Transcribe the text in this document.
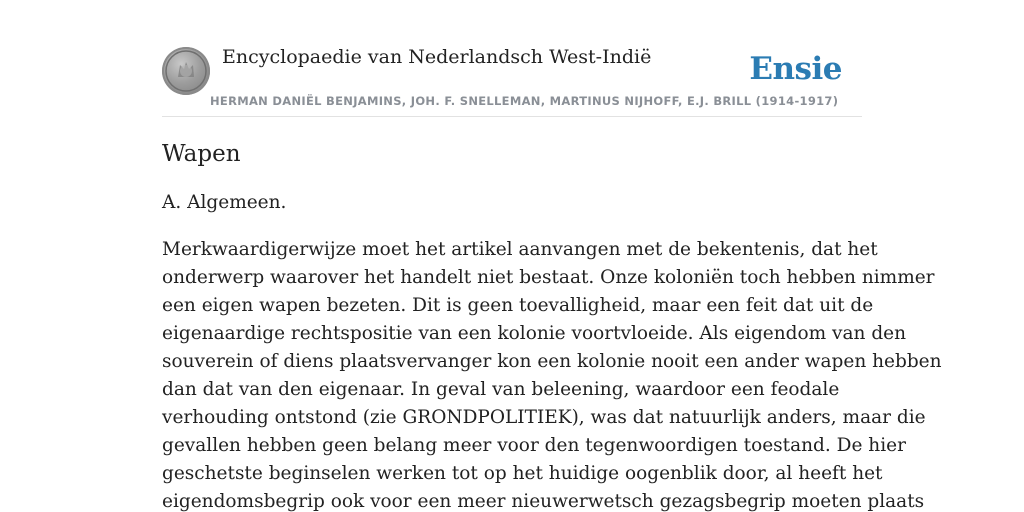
Encyclopaedie van Nederlandsch West-Indië	Ensie
HERMAN DANIËL BENJAMINS, JOH. F. SNELLEMAN, MARTINUS NIJHOFF, E.J. BRILL (1914-1917)
Wapen

A. Algemeen.

Merkwaardigerwijze moet het artikel aanvangen met de bekentenis, dat het
onderwerp waarover het handelt niet bestaat. Onze koloniën toch hebben nimmer
een eigen wapen bezeten. Dit is geen toevalligheid, maar een feit dat uit de
eigenaardige rechtspositie van een kolonie voortvloeide. Als eigendom van den
souverein of diens plaatsvervanger kon een kolonie nooit een ander wapen hebben
dan dat van den eigenaar. In geval van beleening, waardoor een feodale
verhouding ontstond (zie GRONDPOLITIEK), was dat natuurlijk anders, maar die
gevallen hebben geen belang meer voor den tegenwoordigen toestand. De hier
geschetste beginselen werken tot op het huidige oogenblik door, al heeft het
eigendomsbegrip ook voor een meer nieuwerwetsch gezagsbegrip moeten plaats
